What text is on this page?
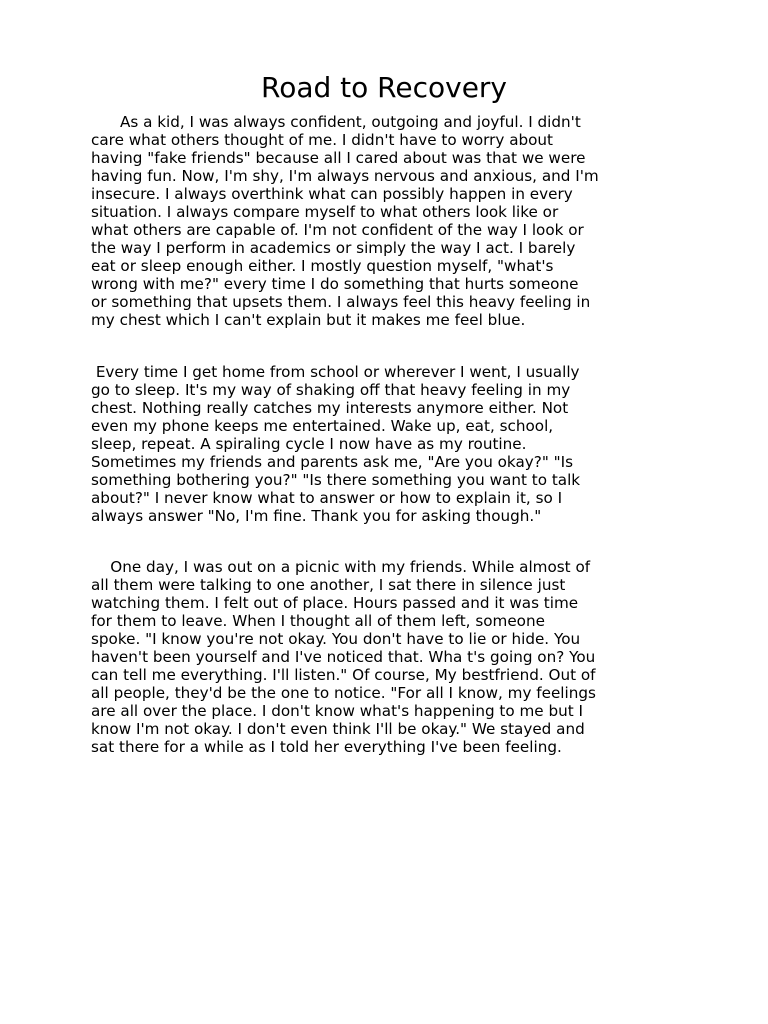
Road to Recovery
As a kid, I was always confident, outgoing and joyful. I didn't
care what others thought of me. I didn't have to worry about
having "fake friends" because all I cared about was that we were
having fun. Now, I'm shy, I'm always nervous and anxious, and I'm
insecure. I always overthink what can possibly happen in every
situation. I always compare myself to what others look like or
what others are capable of. I'm not confident of the way I look or
the way I perform in academics or simply the way I act. I barely
eat or sleep enough either. I mostly question myself, "what's
wrong with me?" every time I do something that hurts someone
or something that upsets them. I always feel this heavy feeling in
my chest which I can't explain but it makes me feel blue.
Every time I get home from school or wherever I went, I usually
go to sleep. It's my way of shaking off that heavy feeling in my
chest. Nothing really catches my interests anymore either. Not
even my phone keeps me entertained. Wake up, eat, school,
sleep, repeat. A spiraling cycle I now have as my routine.
Sometimes my friends and parents ask me, "Are you okay?" "Is
something bothering you?" "Is there something you want to talk
about?" I never know what to answer or how to explain it, so I
always answer "No, I'm fine. Thank you for asking though."
One day, I was out on a picnic with my friends. While almost of
all them were talking to one another, I sat there in silence just
watching them. I felt out of place. Hours passed and it was time
for them to leave. When I thought all of them left, someone
spoke. "I know you're not okay. You don't have to lie or hide. You
haven't been yourself and I've noticed that. Wha t's going on? You
can tell me everything. I'll listen." Of course, My bestfriend. Out of
all people, they'd be the one to notice. "For all I know, my feelings
are all over the place. I don't know what's happening to me but I
know I'm not okay. I don't even think I'll be okay." We stayed and
sat there for a while as I told her everything I've been feeling.
